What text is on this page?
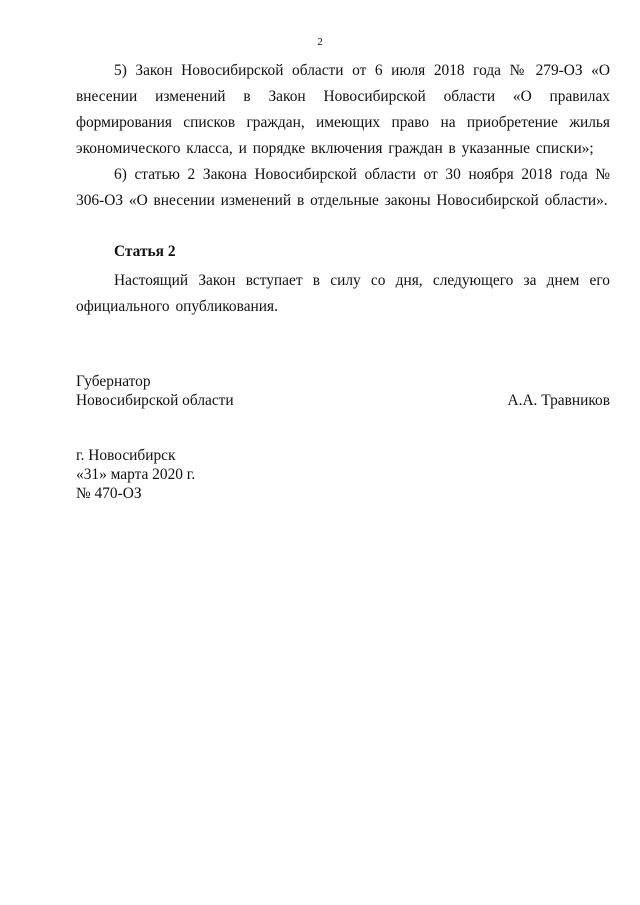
2

5) Закон Новосибирской области от 6 июля 2018 года № 279-ОЗ «О внесении изменений в Закон Новосибирской области «О правилах формирования списков граждан, имеющих право на приобретение жилья экономического класса, и порядке включения граждан в указанные списки»;

6) статью 2 Закона Новосибирской области от 30 ноября 2018 года № 306-ОЗ «О внесении изменений в отдельные законы Новосибирской области».

Статья 2

Настоящий Закон вступает в силу со дня, следующего за днем его официального опубликования.

Губернатор
Новосибирской области	А.А. Травников
г. Новосибирск
«31» марта 2020 г.
№ 470-ОЗ
